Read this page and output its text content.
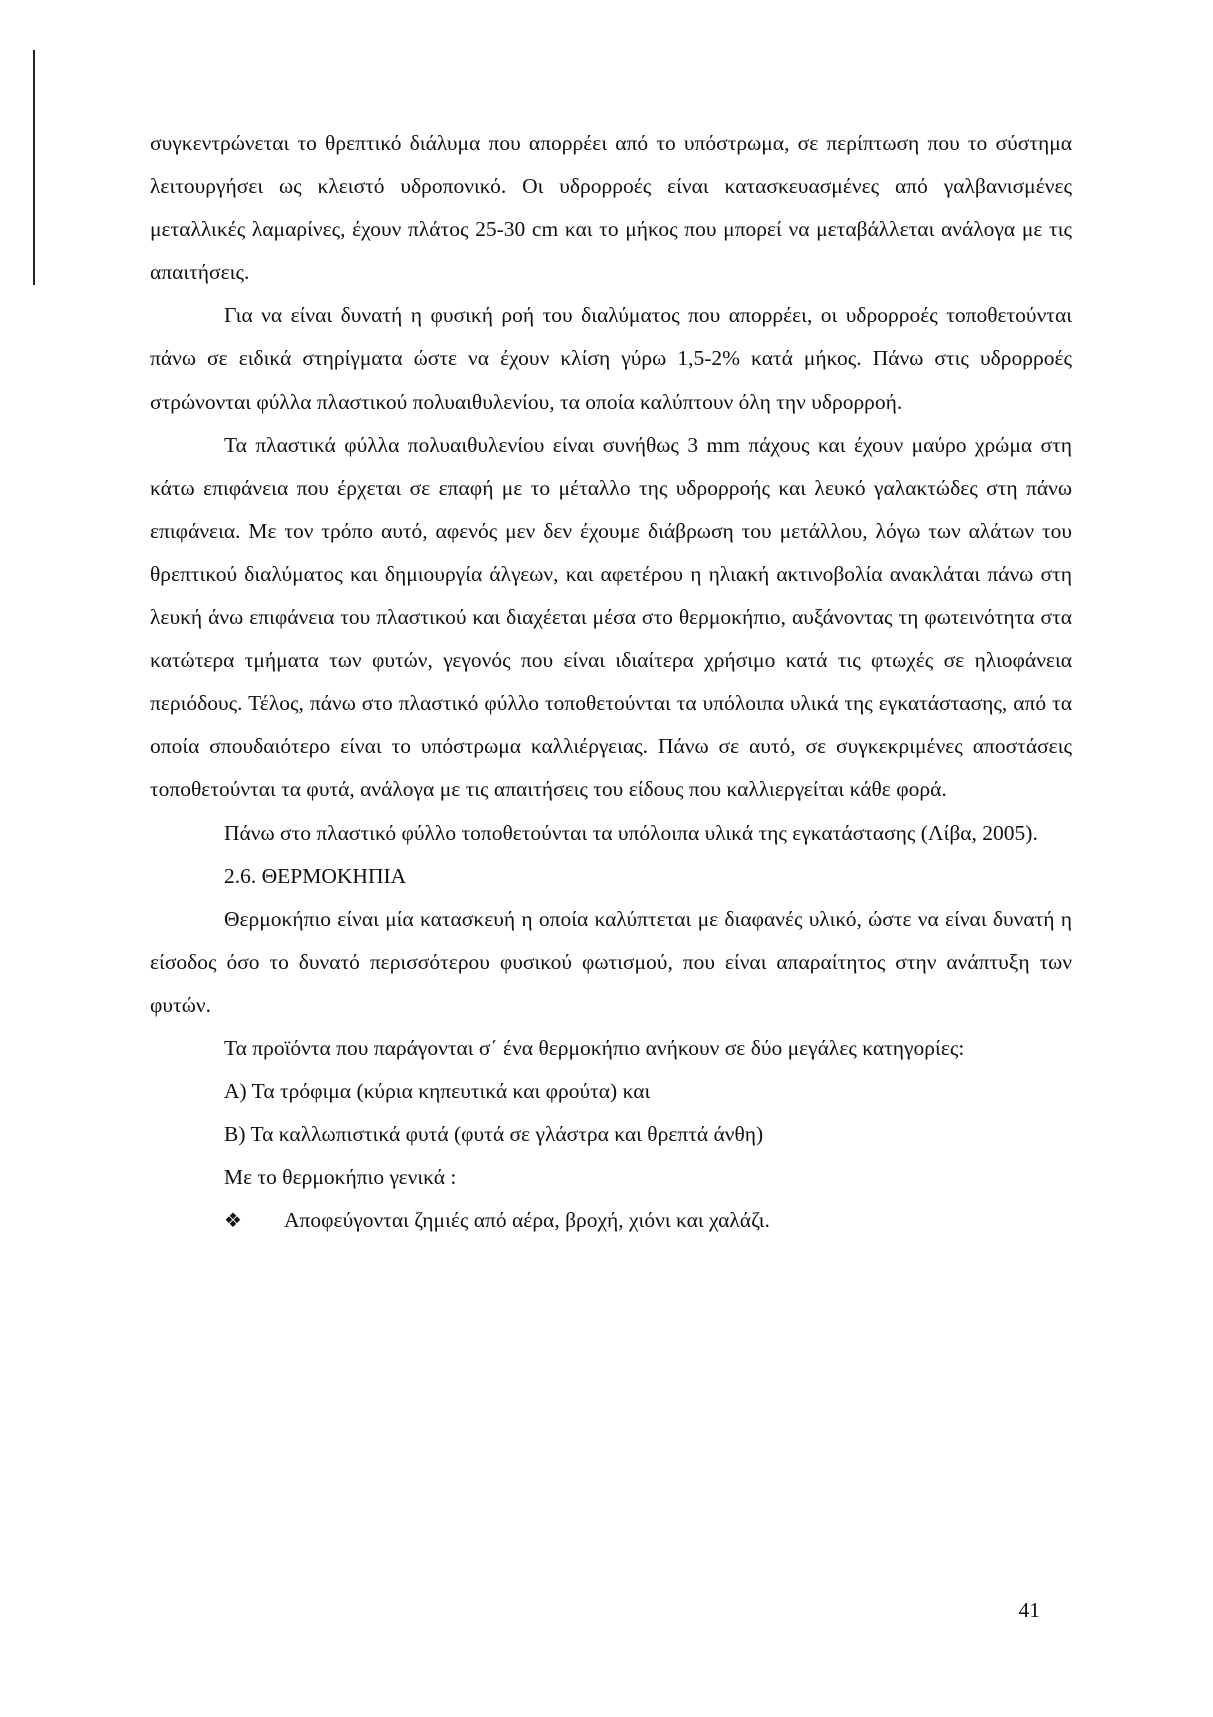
συγκεντρώνεται το θρεπτικό διάλυμα που απορρέει από το υπόστρωμα, σε περίπτωση που το σύστημα λειτουργήσει ως κλειστό υδροπονικό. Οι υδρορροές είναι κατασκευασμένες από γαλβανισμένες μεταλλικές λαμαρίνες, έχουν πλάτος 25-30 cm και το μήκος που μπορεί να μεταβάλλεται ανάλογα με τις απαιτήσεις.

Για να είναι δυνατή η φυσική ροή του διαλύματος που απορρέει, οι υδρορροές τοποθετούνται πάνω σε ειδικά στηρίγματα ώστε να έχουν κλίση γύρω 1,5-2% κατά μήκος. Πάνω στις υδρορροές στρώνονται φύλλα πλαστικού πολυαιθυλενίου, τα οποία καλύπτουν όλη την υδρορροή.

Τα πλαστικά φύλλα πολυαιθυλενίου είναι συνήθως 3 mm πάχους και έχουν μαύρο χρώμα στη κάτω επιφάνεια που έρχεται σε επαφή με το μέταλλο της υδρορροής και λευκό γαλακτώδες στη πάνω επιφάνεια. Με τον τρόπο αυτό, αφενός μεν δεν έχουμε διάβρωση του μετάλλου, λόγω των αλάτων του θρεπτικού διαλύματος και δημιουργία άλγεων, και αφετέρου η ηλιακή ακτινοβολία ανακλάται πάνω στη λευκή άνω επιφάνεια του πλαστικού και διαχέεται μέσα στο θερμοκήπιο, αυξάνοντας τη φωτεινότητα στα κατώτερα τμήματα των φυτών, γεγονός που είναι ιδιαίτερα χρήσιμο κατά τις φτωχές σε ηλιοφάνεια περιόδους. Τέλος, πάνω στο πλαστικό φύλλο τοποθετούνται τα υπόλοιπα υλικά της εγκατάστασης, από τα οποία σπουδαιότερο είναι το υπόστρωμα καλλιέργειας. Πάνω σε αυτό, σε συγκεκριμένες αποστάσεις τοποθετούνται τα φυτά, ανάλογα με τις απαιτήσεις του είδους που καλλιεργείται κάθε φορά.

Πάνω στο πλαστικό φύλλο τοποθετούνται τα υπόλοιπα υλικά της εγκατάστασης (Λίβα, 2005).

2.6. ΘΕΡΜΟΚΗΠΙΑ

Θερμοκήπιο είναι μία κατασκευή η οποία καλύπτεται με διαφανές υλικό, ώστε να είναι δυνατή η είσοδος όσο το δυνατό περισσότερου φυσικού φωτισμού, που είναι απαραίτητος στην ανάπτυξη των φυτών.

Τα προϊόντα που παράγονται σ΄ ένα θερμοκήπιο ανήκουν σε δύο μεγάλες κατηγορίες:

Α) Τα τρόφιμα (κύρια κηπευτικά και φρούτα) και
Β) Τα καλλωπιστικά φυτά (φυτά σε γλάστρα και θρεπτά άνθη)
Με το θερμοκήπιο γενικά :
❖	Αποφεύγονται ζημιές από αέρα, βροχή, χιόνι και χαλάζι.
41
